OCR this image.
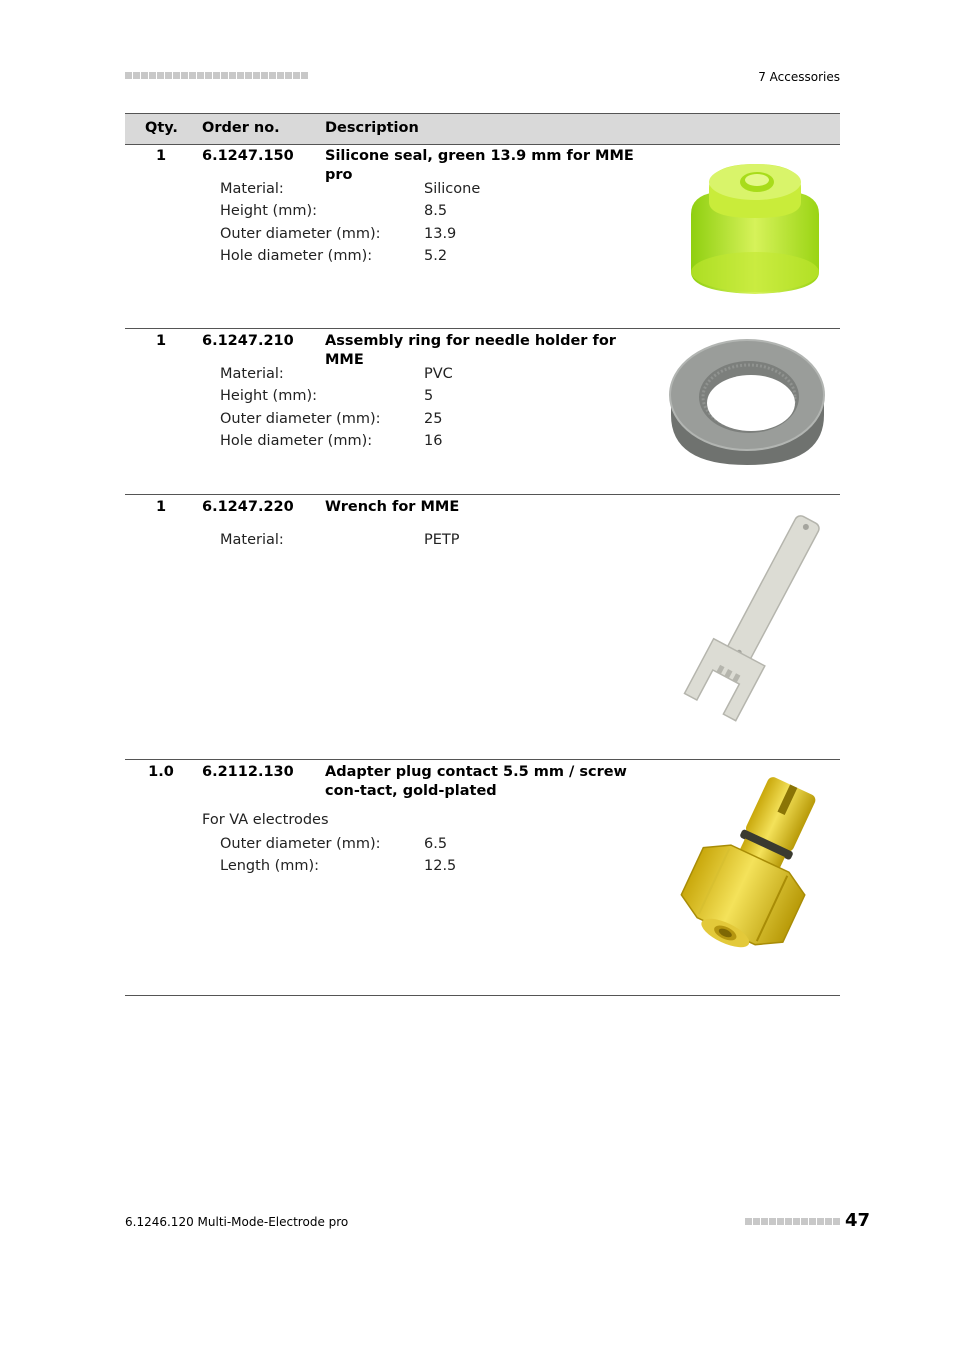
7 Accessories
Qty. Order no.	Description
1	6.1247.150 Silicone seal, green 13.9 mm for MME pro
Material:	Silicone
Height (mm):	8.5
Outer diameter (mm):	13.9
Hole diameter (mm):	5.2
1	6.1247.210 Assembly ring for needle holder for MME
Material:	PVC
Height (mm):	5
Outer diameter (mm):	25
Hole diameter (mm):	16
1	6.1247.220 Wrench for MME
Material:	PETP
1.0	6.2112.130 Adapter plug contact 5.5 mm / screw con-tact, gold-plated
For VA electrodes
Outer diameter (mm):	6.5
Length (mm):	12.5
6.1246.120 Multi-Mode-Electrode pro	47
